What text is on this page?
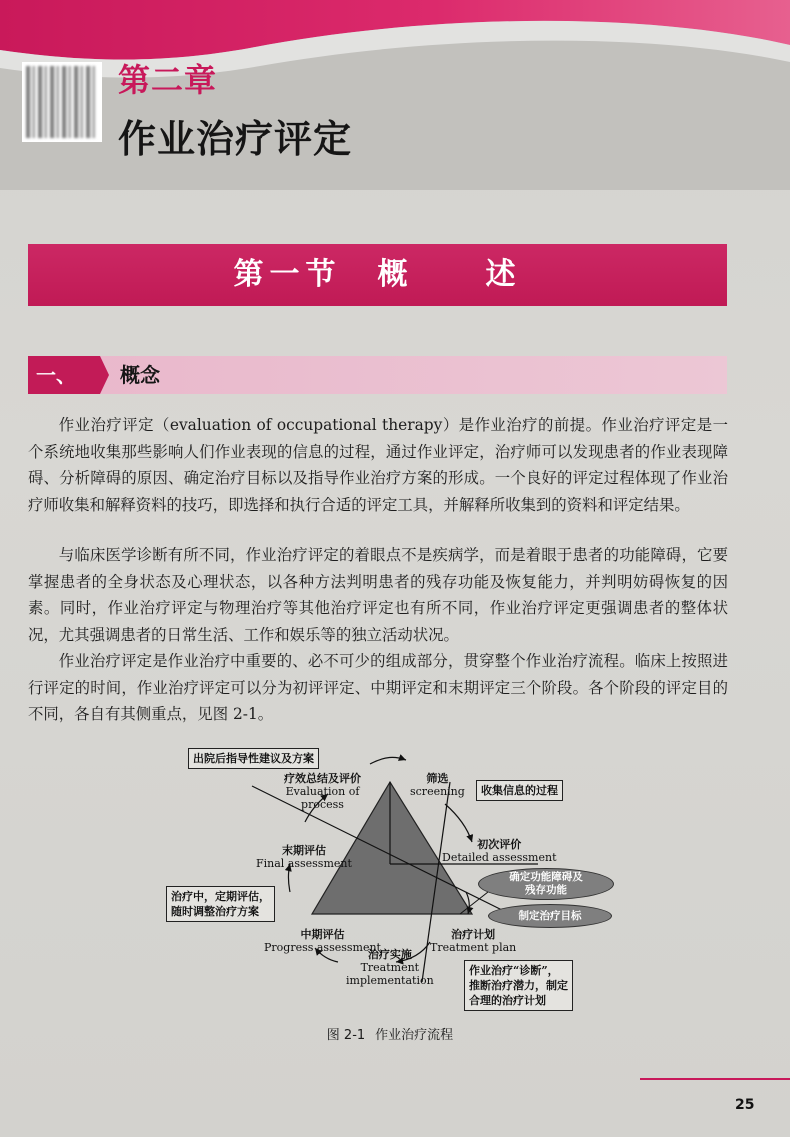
第二章
作业治疗评定
第一节　概　　述
一、	概念

作业治疗评定（evaluation of occupational therapy）是作业治疗的前提。作业治疗评定是一个系统地收集那些影响人们作业表现的信息的过程，通过作业评定，治疗师可以发现患者的作业表现障碍、分析障碍的原因、确定治疗目标以及指导作业治疗方案的形成。一个良好的评定过程体现了作业治疗师收集和解释资料的技巧，即选择和执行合适的评定工具，并解释所收集到的资料和评定结果。

与临床医学诊断有所不同，作业治疗评定的着眼点不是疾病学，而是着眼于患者的功能障碍，它要掌握患者的全身状态及心理状态，以各种方法判明患者的残存功能及恢复能力，并判明妨碍恢复的因素。同时，作业治疗评定与物理治疗等其他治疗评定也有所不同，作业治疗评定更强调患者的整体状况，尤其强调患者的日常生活、工作和娱乐等的独立活动状况。

作业治疗评定是作业治疗中重要的、必不可少的组成部分，贯穿整个作业治疗流程。临床上按照进行评定的时间，作业治疗评定可以分为初评评定、中期评定和末期评定三个阶段。各个阶段的评定目的不同，各自有其侧重点，见图 2-1。

出院后指导性建议及方案
疗效总结及评价
Evaluation of
process
筛选
screening	收集信息的过程
末期评估
Final assessment
初次评价
Detailed assessment
确定功能障碍及
残存功能
制定治疗目标
治疗中，定期评估，
随时调整治疗方案
中期评估
Progress assessment
治疗计划
Treatment plan
治疗实施
Treatment
implementation
作业治疗“诊断”，
推断治疗潜力，制定
合理的治疗计划
图 2-1 作业治疗流程
25
